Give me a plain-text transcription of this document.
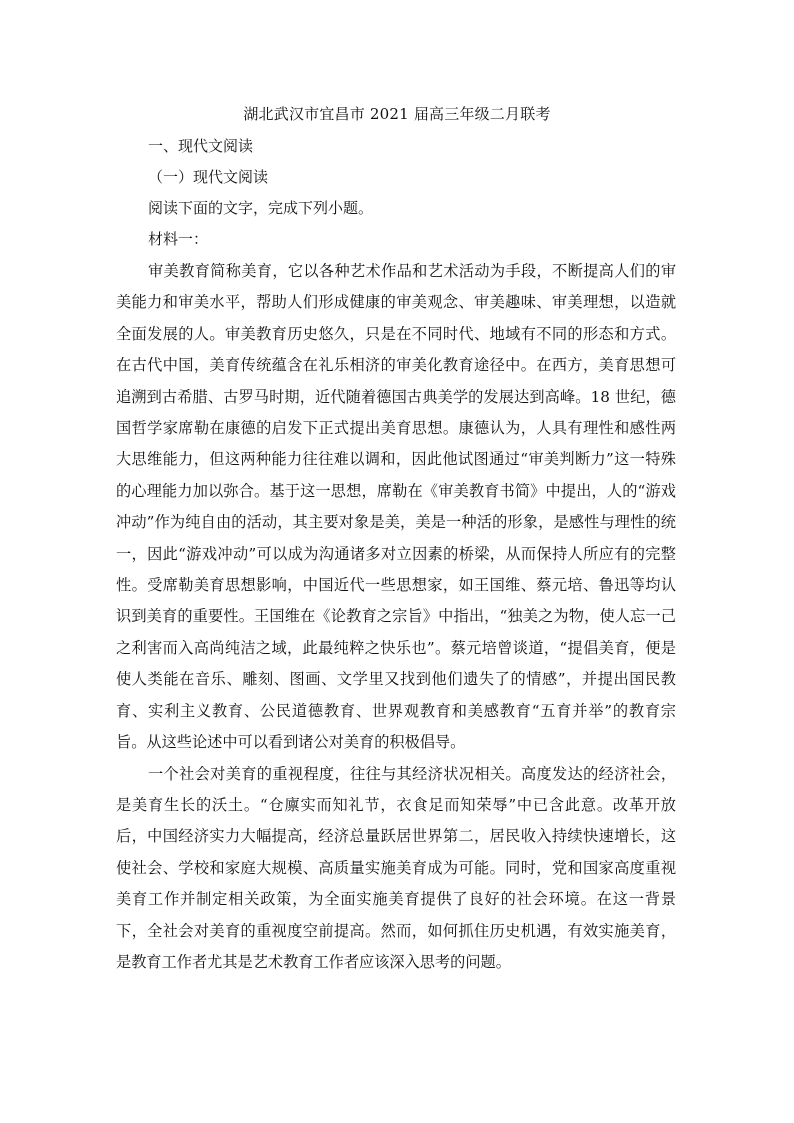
湖北武汉市宜昌市 2021 届高三年级二月联考
一、现代文阅读
（一）现代文阅读
阅读下面的文字，完成下列小题。
材料一：

审美教育简称美育，它以各种艺术作品和艺术活动为手段，不断提高人们的审美能力和审美水平，帮助人们形成健康的审美观念、审美趣味、审美理想，以造就全面发展的人。审美教育历史悠久，只是在不同时代、地域有不同的形态和方式。在古代中国，美育传统蕴含在礼乐相济的审美化教育途径中。在西方，美育思想可追溯到古希腊、古罗马时期，近代随着德国古典美学的发展达到高峰。18 世纪，德国哲学家席勒在康德的启发下正式提出美育思想。康德认为，人具有理性和感性两大思维能力，但这两种能力往往难以调和，因此他试图通过“审美判断力”这一特殊的心理能力加以弥合。基于这一思想，席勒在《审美教育书简》中提出，人的“游戏冲动”作为纯自由的活动，其主要对象是美，美是一种活的形象，是感性与理性的统一，因此“游戏冲动”可以成为沟通诸多对立因素的桥梁，从而保持人所应有的完整性。受席勒美育思想影响，中国近代一些思想家，如王国维、蔡元培、鲁迅等均认识到美育的重要性。王国维在《论教育之宗旨》中指出，“独美之为物，使人忘一己之利害而入高尚纯洁之域，此最纯粹之快乐也”。蔡元培曾谈道，“提倡美育，便是使人类能在音乐、雕刻、图画、文学里又找到他们遗失了的情感”，并提出国民教育、实利主义教育、公民道德教育、世界观教育和美感教育“五育并举”的教育宗旨。从这些论述中可以看到诸公对美育的积极倡导。

一个社会对美育的重视程度，往往与其经济状况相关。高度发达的经济社会，是美育生长的沃土。“仓廪实而知礼节，衣食足而知荣辱”中已含此意。改革开放后，中国经济实力大幅提高，经济总量跃居世界第二，居民收入持续快速增长，这使社会、学校和家庭大规模、高质量实施美育成为可能。同时，党和国家高度重视美育工作并制定相关政策，为全面实施美育提供了良好的社会环境。在这一背景下，全社会对美育的重视度空前提高。然而，如何抓住历史机遇，有效实施美育，是教育工作者尤其是艺术教育工作者应该深入思考的问题。
